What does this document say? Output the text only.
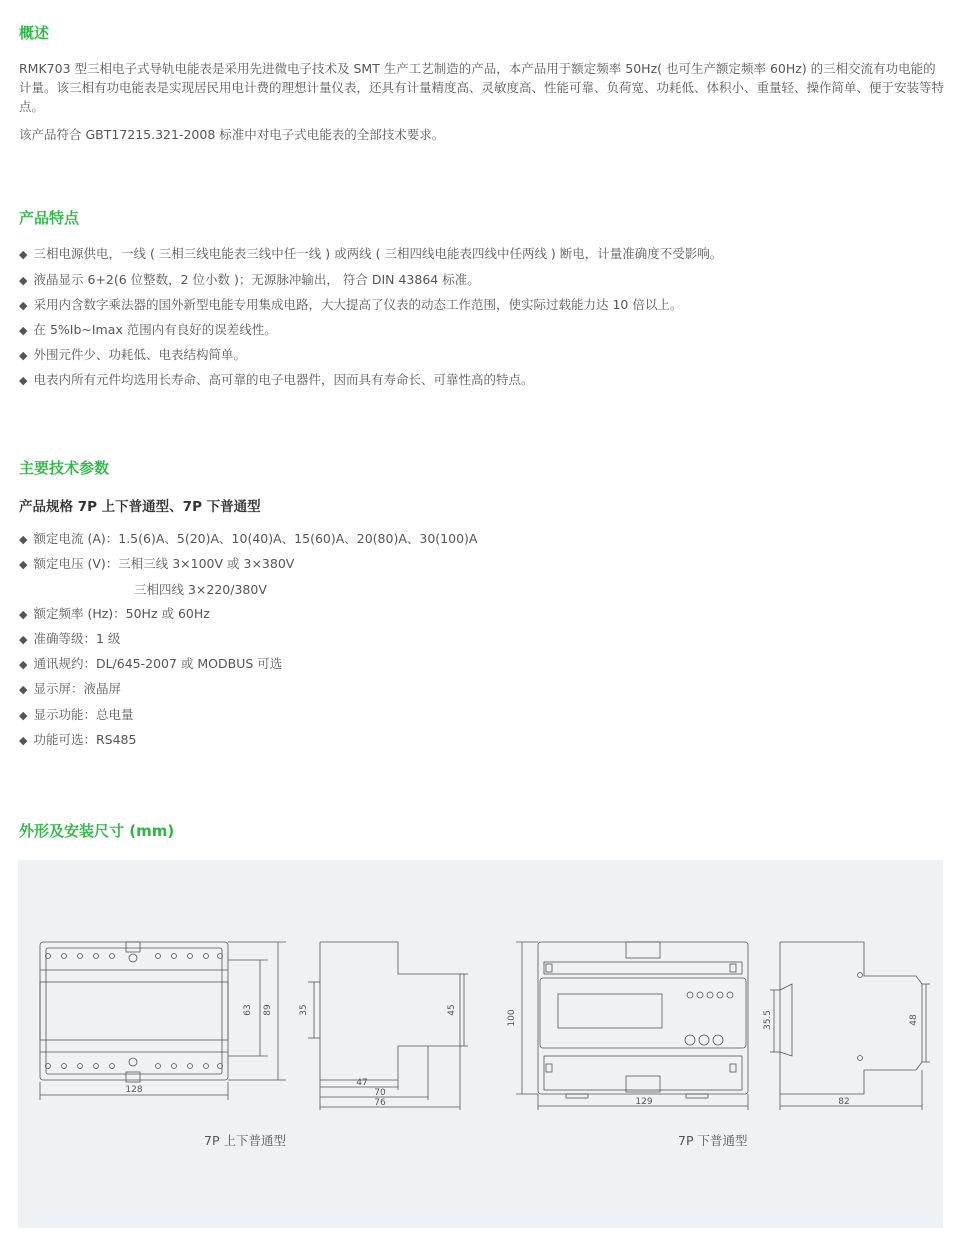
概述
RMK703 型三相电子式导轨电能表是采用先进微电子技术及 SMT 生产工艺制造的产品，本产品用于额定频率 50Hz( 也可生产额定频率 60Hz) 的三相交流有功电能的计量。该三相有功电能表是实现居民用电计费的理想计量仪表，还具有计量精度高、灵敏度高、性能可靠、负荷宽、功耗低、体积小、重量轻、操作简单、便于安装等特点。
该产品符合 GBT17215.321-2008 标准中对电子式电能表的全部技术要求。
产品特点
◆ 三相电源供电，一线 ( 三相三线电能表三线中任一线 ) 或两线 ( 三相四线电能表四线中任两线 ) 断电，计量准确度不受影响。
◆ 液晶显示 6+2(6 位整数，2 位小数 )；无源脉冲输出， 符合 DIN 43864 标准。
◆ 采用内含数字乘法器的国外新型电能专用集成电路，大大提高了仪表的动态工作范围，使实际过载能力达 10 倍以上。
◆ 在 5%Ib~Imax 范围内有良好的误差线性。
◆ 外围元件少、功耗低、电表结构简单。
◆ 电表内所有元件均选用长寿命、高可靠的电子电器件，因而具有寿命长、可靠性高的特点。
主要技术参数
产品规格 7P 上下普通型、7P 下普通型
◆ 额定电流 (A)：1.5(6)A、5(20)A、10(40)A、15(60)A、20(80)A、30(100)A
◆ 额定电压 (V)：三相三线 3×100V 或 3×380V
三相四线 3×220/380V
◆ 额定频率 (Hz)：50Hz 或 60Hz
◆ 准确等级：1 级
◆ 通讯规约：DL/645-2007 或 MODBUS 可选
◆ 显示屏：液晶屏
◆ 显示功能：总电量
◆ 功能可选：RS485
外形及安装尺寸 (mm)
128
63 89	35	45
47
70
76
100
129
35.5	48
82
7P 上下普通型	7P 下普通型
